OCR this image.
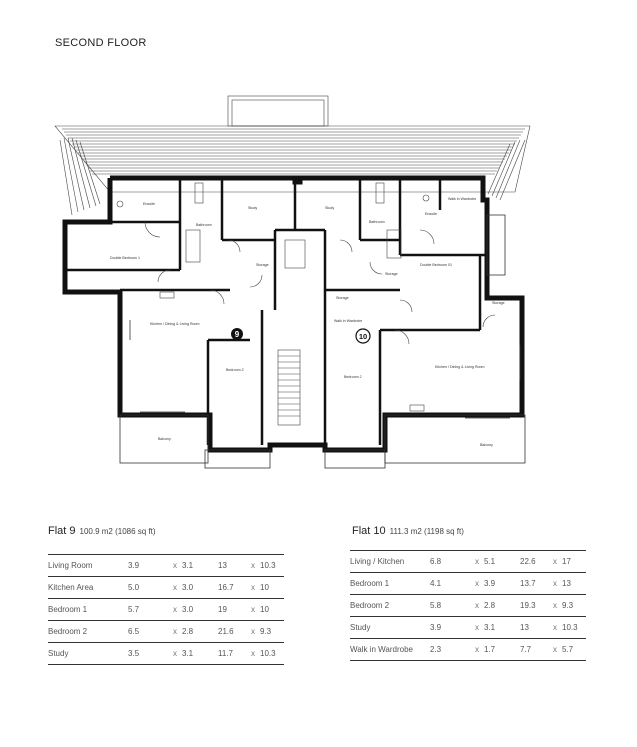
SECOND FLOOR
Ensuite
Bathroom
Study	Study
Bathroom
Ensuite
Walk in Wardrobe
Double Bedroom 1
Double Bedroom 01
Storage
Storage
Storage
Storage
Walk in Wardrobe
Kitchen / Dining & Living Room
Kitchen / Dining & Living Room
Bedroom 2
Bedroom 2
Balcony
Balcony
9	10
Flat 9 100.9 m2 (1086 sq ft)
Living Room	3.9	x	3.1	13	x	10.3
Kitchen Area	5.0	x	3.0	16.7	x	10
Bedroom 1	5.7	x	3.0	19	x	10
Bedroom 2	6.5	x	2.8	21.6	x	9.3
Study	3.5	x	3.1	11.7	x	10.3
Flat 10 111.3 m2 (1198 sq ft)
Living / Kitchen	6.8	x	5.1	22.6	x	17
Bedroom 1	4.1	x	3.9	13.7	x	13
Bedroom 2	5.8	x	2.8	19.3	x	9.3
Study	3.9	x	3.1	13	x	10.3
Walk in Wardrobe	2.3	x	1.7	7.7	x	5.7
